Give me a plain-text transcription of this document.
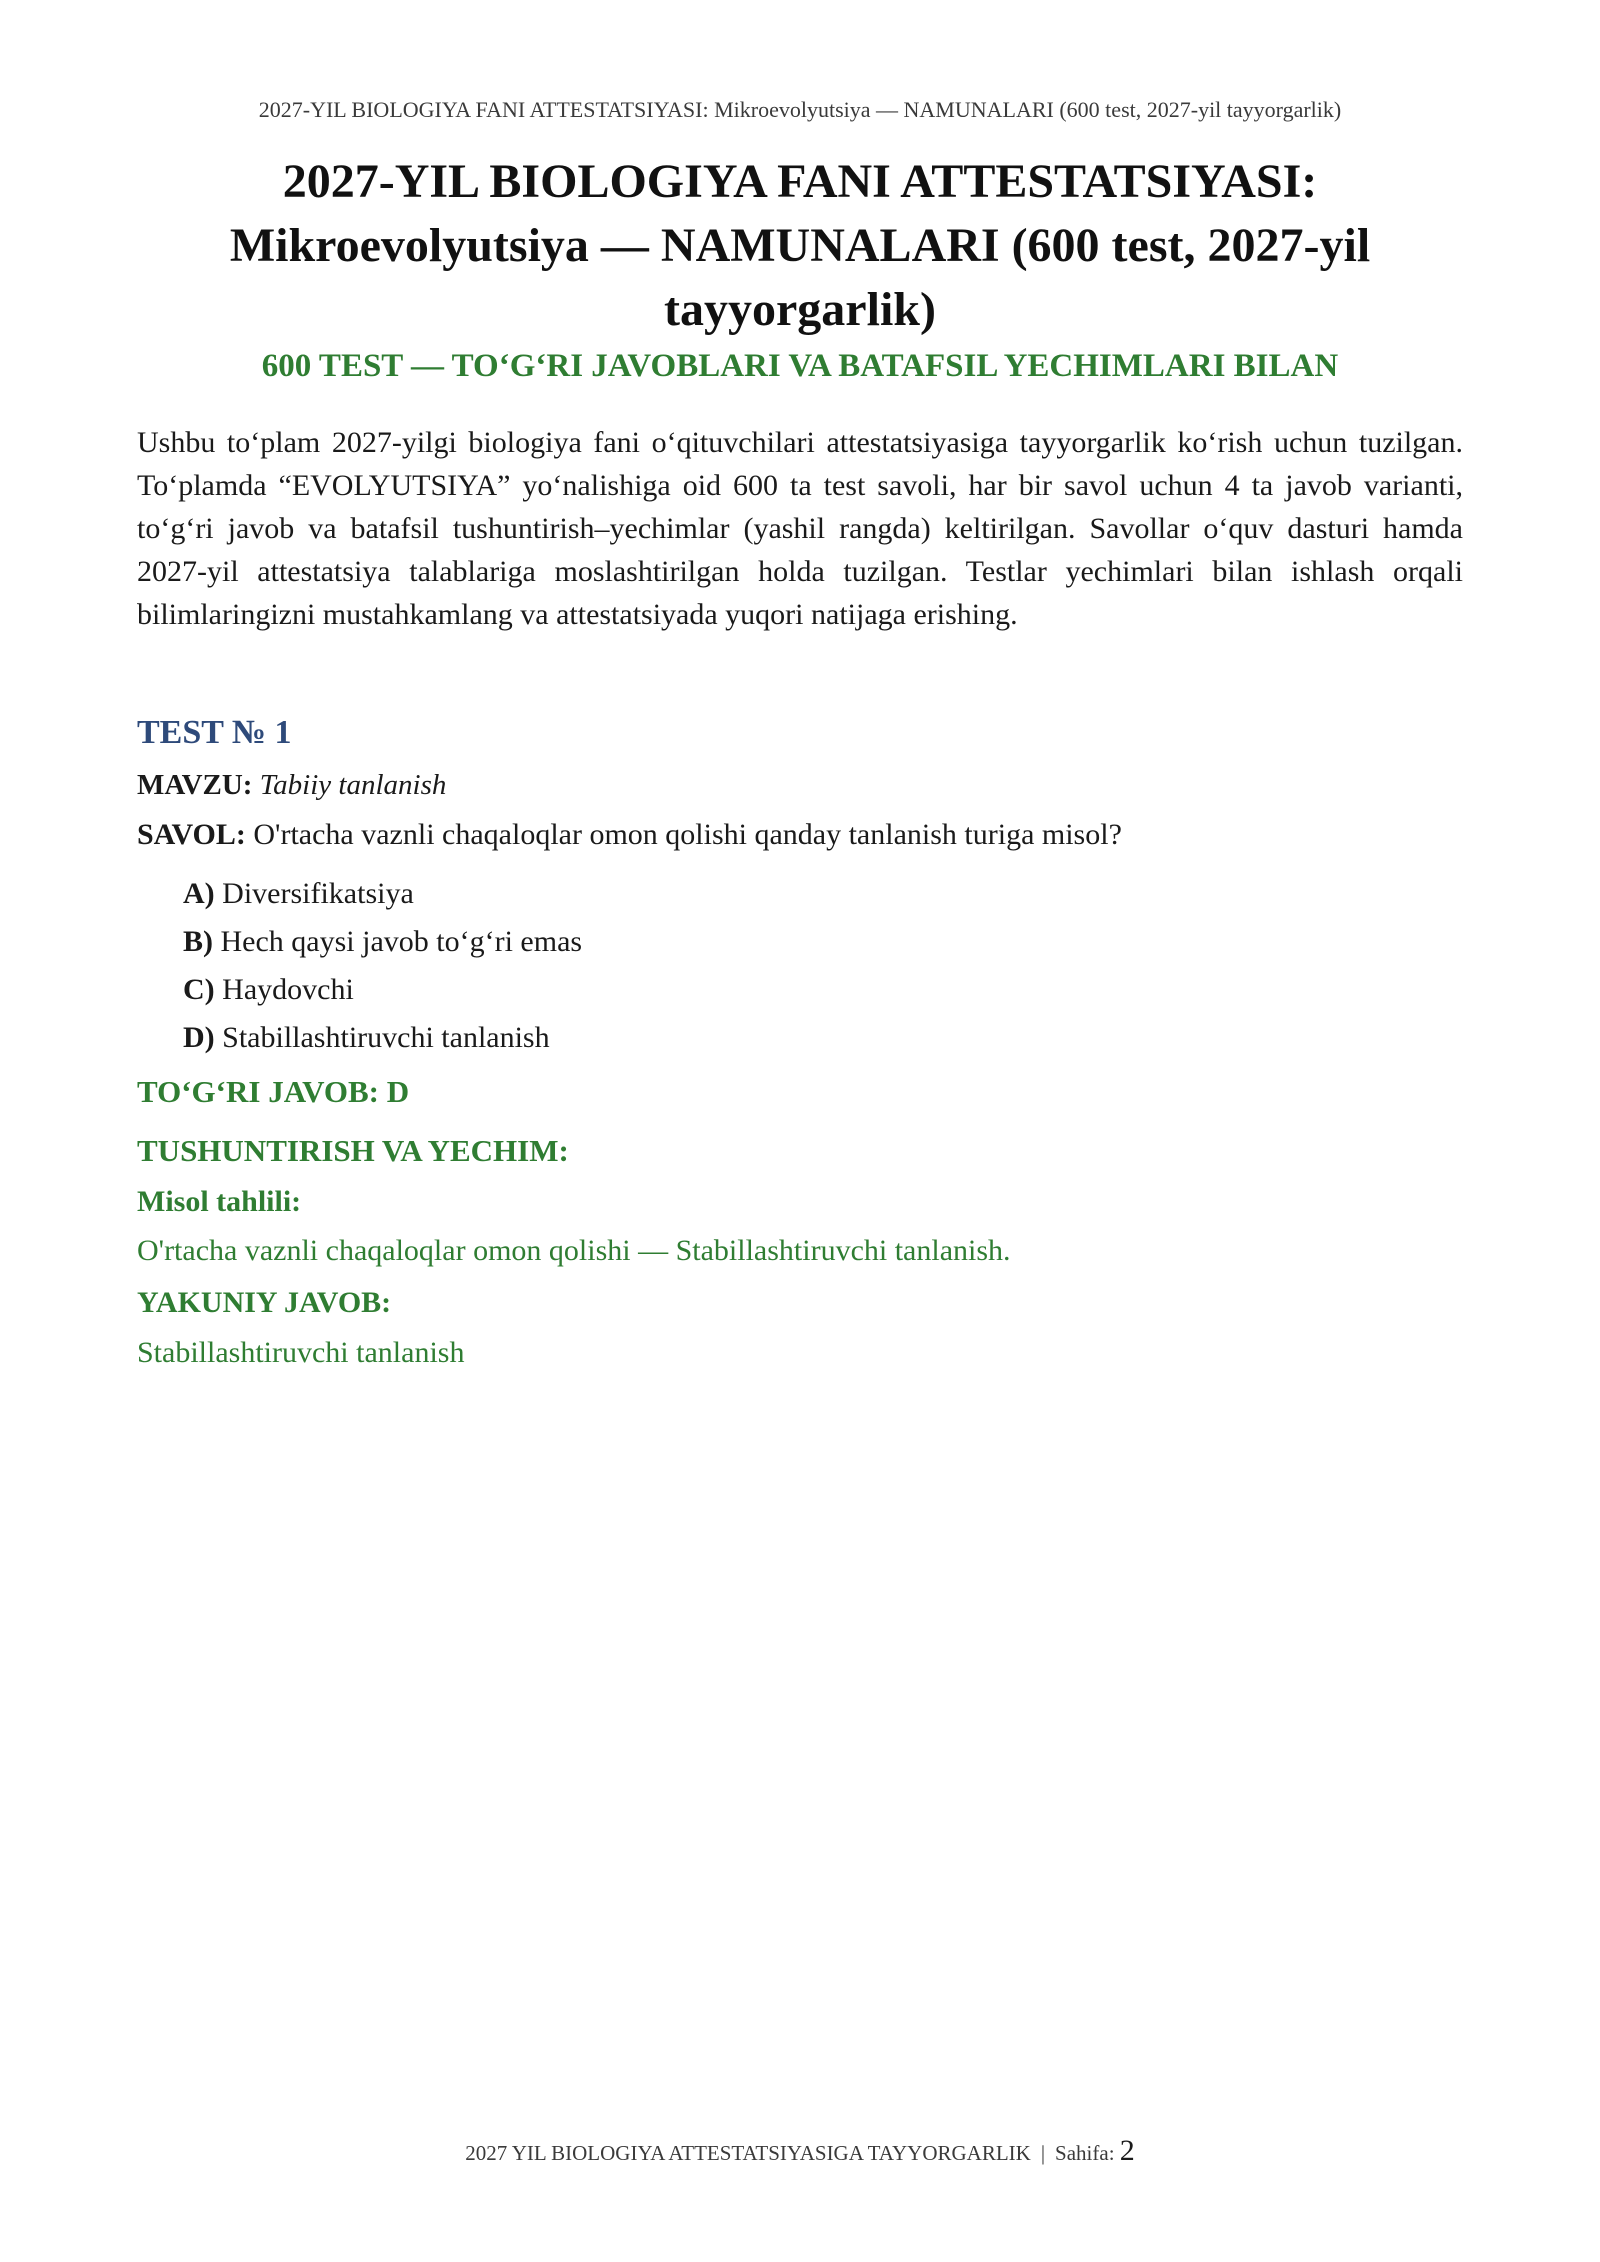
2027-YIL BIOLOGIYA FANI ATTESTATSIYASI: Mikroevolyutsiya — NAMUNALARI (600 test, 2027-yil tayyorgarlik)
2027-YIL BIOLOGIYA FANI ATTESTATSIYASI: Mikroevolyutsiya — NAMUNALARI (600 test, 2027-yil tayyorgarlik)
600 TEST — TO‘G‘RI JAVOBLARI VA BATAFSIL YECHIMLARI BILAN
Ushbu to‘plam 2027-yilgi biologiya fani o‘qituvchilari attestatsiyasiga tayyorgarlik ko‘rish uchun tuzilgan. To‘plamda “EVOLYUTSIYA” yo‘nalishiga oid 600 ta test savoli, har bir savol uchun 4 ta javob varianti, to‘g‘ri javob va batafsil tushuntirish–yechimlar (yashil rangda) keltirilgan. Savollar o‘quv dasturi hamda 2027-yil attestatsiya talablariga moslashtirilgan holda tuzilgan. Testlar yechimlari bilan ishlash orqali bilimlaringizni mustahkamlang va attestatsiyada yuqori natijaga erishing.
TEST № 1
MAVZU: Tabiiy tanlanish
SAVOL: O'rtacha vaznli chaqaloqlar omon qolishi qanday tanlanish turiga misol?
A) Diversifikatsiya
B) Hech qaysi javob to‘g‘ri emas
C) Haydovchi
D) Stabillashtiruvchi tanlanish
TO‘G‘RI JAVOB: D
TUSHUNTIRISH VA YECHIM:
Misol tahlili:
O'rtacha vaznli chaqaloqlar omon qolishi — Stabillashtiruvchi tanlanish.
YAKUNIY JAVOB:
Stabillashtiruvchi tanlanish
2027 YIL BIOLOGIYA ATTESTATSIYASIGA TAYYORGARLIK | Sahifa: 2
